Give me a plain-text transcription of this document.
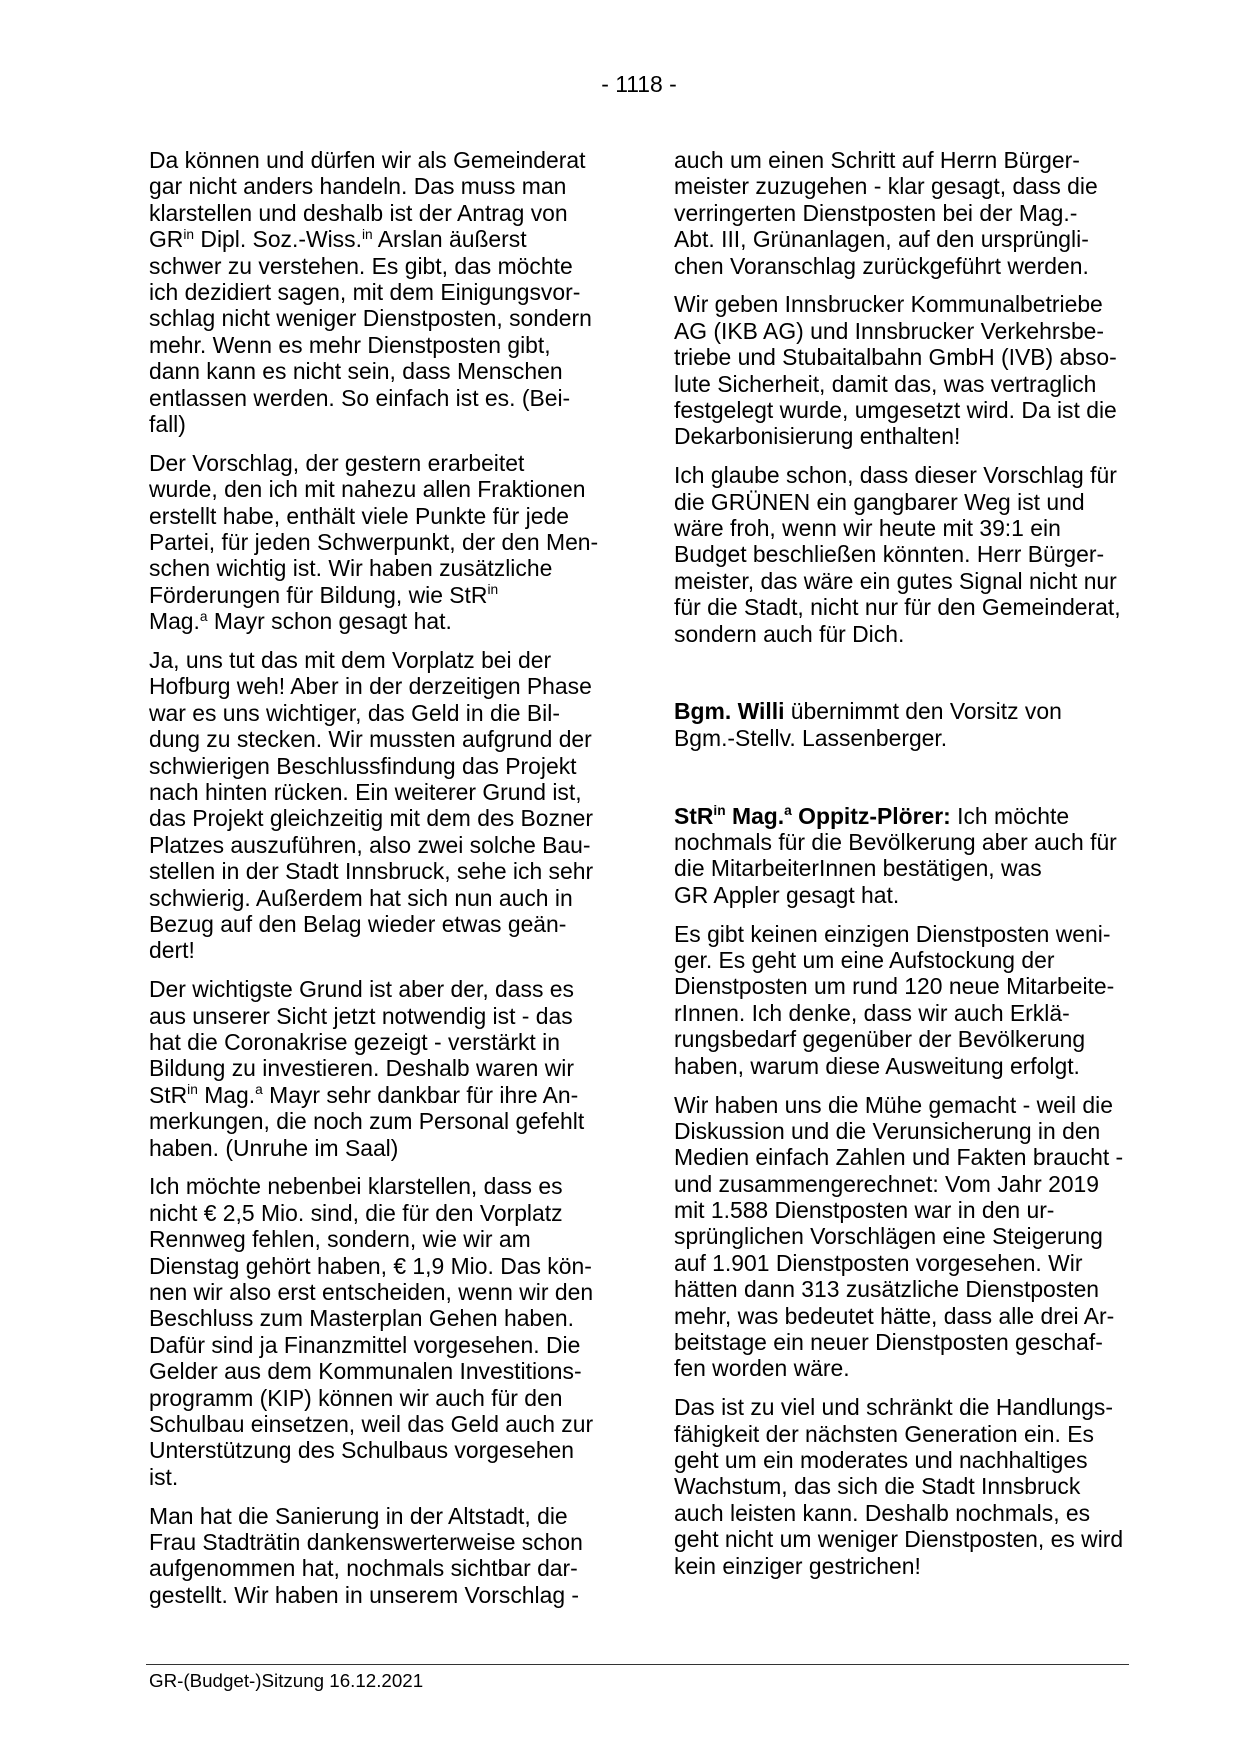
- 1118 -
Da können und dürfen wir als Gemeinderat
gar nicht anders handeln. Das muss man
klarstellen und deshalb ist der Antrag von
$GR^{in}$ Dipl. Soz.-Wiss.$^{in}$ Arslan äußerst
schwer zu verstehen. Es gibt, das möchte
ich dezidiert sagen, mit dem Einigungsvor-
schlag nicht weniger Dienstposten, sondern
mehr. Wenn es mehr Dienstposten gibt,
dann kann es nicht sein, dass Menschen
entlassen werden. So einfach ist es. (Bei-
fall)
Der Vorschlag, der gestern erarbeitet
wurde, den ich mit nahezu allen Fraktionen
erstellt habe, enthält viele Punkte für jede
Partei, für jeden Schwerpunkt, der den Men-
schen wichtig ist. Wir haben zusätzliche
Förderungen für Bildung, wie StR$^{in}$
Mag.$^a$ Mayr schon gesagt hat.
Ja, uns tut das mit dem Vorplatz bei der
Hofburg weh! Aber in der derzeitigen Phase
war es uns wichtiger, das Geld in die Bil-
dung zu stecken. Wir mussten aufgrund der
schwierigen Beschlussfindung das Projekt
nach hinten rücken. Ein weiterer Grund ist,
das Projekt gleichzeitig mit dem des Bozner
Platzes auszuführen, also zwei solche Bau-
stellen in der Stadt Innsbruck, sehe ich sehr
schwierig. Außerdem hat sich nun auch in
Bezug auf den Belag wieder etwas geän-
dert!
Der wichtigste Grund ist aber der, dass es
aus unserer Sicht jetzt notwendig ist - das
hat die Coronakrise gezeigt - verstärkt in
Bildung zu investieren. Deshalb waren wir
StR$^{in}$ Mag.$^a$ Mayr sehr dankbar für ihre An-
merkungen, die noch zum Personal gefehlt
haben. (Unruhe im Saal)
Ich möchte nebenbei klarstellen, dass es
nicht € 2,5 Mio. sind, die für den Vorplatz
Rennweg fehlen, sondern, wie wir am
Dienstag gehört haben, € 1,9 Mio. Das kön-
nen wir also erst entscheiden, wenn wir den
Beschluss zum Masterplan Gehen haben.
Dafür sind ja Finanzmittel vorgesehen. Die
Gelder aus dem Kommunalen Investitions-
programm (KIP) können wir auch für den
Schulbau einsetzen, weil das Geld auch zur
Unterstützung des Schulbaus vorgesehen
ist.
Man hat die Sanierung in der Altstadt, die
Frau Stadträtin dankenswerterweise schon
aufgenommen hat, nochmals sichtbar dar-
gestellt. Wir haben in unserem Vorschlag -
auch um einen Schritt auf Herrn Bürger-
meister zuzugehen - klar gesagt, dass die
verringerten Dienstposten bei der Mag.-
Abt. III, Grünanlagen, auf den ursprüngli-
chen Voranschlag zurückgeführt werden.
Wir geben Innsbrucker Kommunalbetriebe
AG (IKB AG) und Innsbrucker Verkehrsbe-
triebe und Stubaitalbahn GmbH (IVB) abso-
lute Sicherheit, damit das, was vertraglich
festgelegt wurde, umgesetzt wird. Da ist die
Dekarbonisierung enthalten!
Ich glaube schon, dass dieser Vorschlag für
die GRÜNEN ein gangbarer Weg ist und
wäre froh, wenn wir heute mit 39:1 ein
Budget beschließen könnten. Herr Bürger-
meister, das wäre ein gutes Signal nicht nur
für die Stadt, nicht nur für den Gemeinderat,
sondern auch für Dich.
Bgm. Willi übernimmt den Vorsitz von
Bgm.-Stellv. Lassenberger.
StR$^{in}$ Mag.$^a$ Oppitz-Plörer: Ich möchte
nochmals für die Bevölkerung aber auch für
die MitarbeiterInnen bestätigen, was
GR Appler gesagt hat.
Es gibt keinen einzigen Dienstposten weni-
ger. Es geht um eine Aufstockung der
Dienstposten um rund 120 neue Mitarbeite-
rInnen. Ich denke, dass wir auch Erklä-
rungsbedarf gegenüber der Bevölkerung
haben, warum diese Ausweitung erfolgt.
Wir haben uns die Mühe gemacht - weil die
Diskussion und die Verunsicherung in den
Medien einfach Zahlen und Fakten braucht -
und zusammengerechnet: Vom Jahr 2019
mit 1.588 Dienstposten war in den ur-
sprünglichen Vorschlägen eine Steigerung
auf 1.901 Dienstposten vorgesehen. Wir
hätten dann 313 zusätzliche Dienstposten
mehr, was bedeutet hätte, dass alle drei Ar-
beitstage ein neuer Dienstposten geschaf-
fen worden wäre.
Das ist zu viel und schränkt die Handlungs-
fähigkeit der nächsten Generation ein. Es
geht um ein moderates und nachhaltiges
Wachstum, das sich die Stadt Innsbruck
auch leisten kann. Deshalb nochmals, es
geht nicht um weniger Dienstposten, es wird
kein einziger gestrichen!
GR-(Budget-)Sitzung 16.12.2021
